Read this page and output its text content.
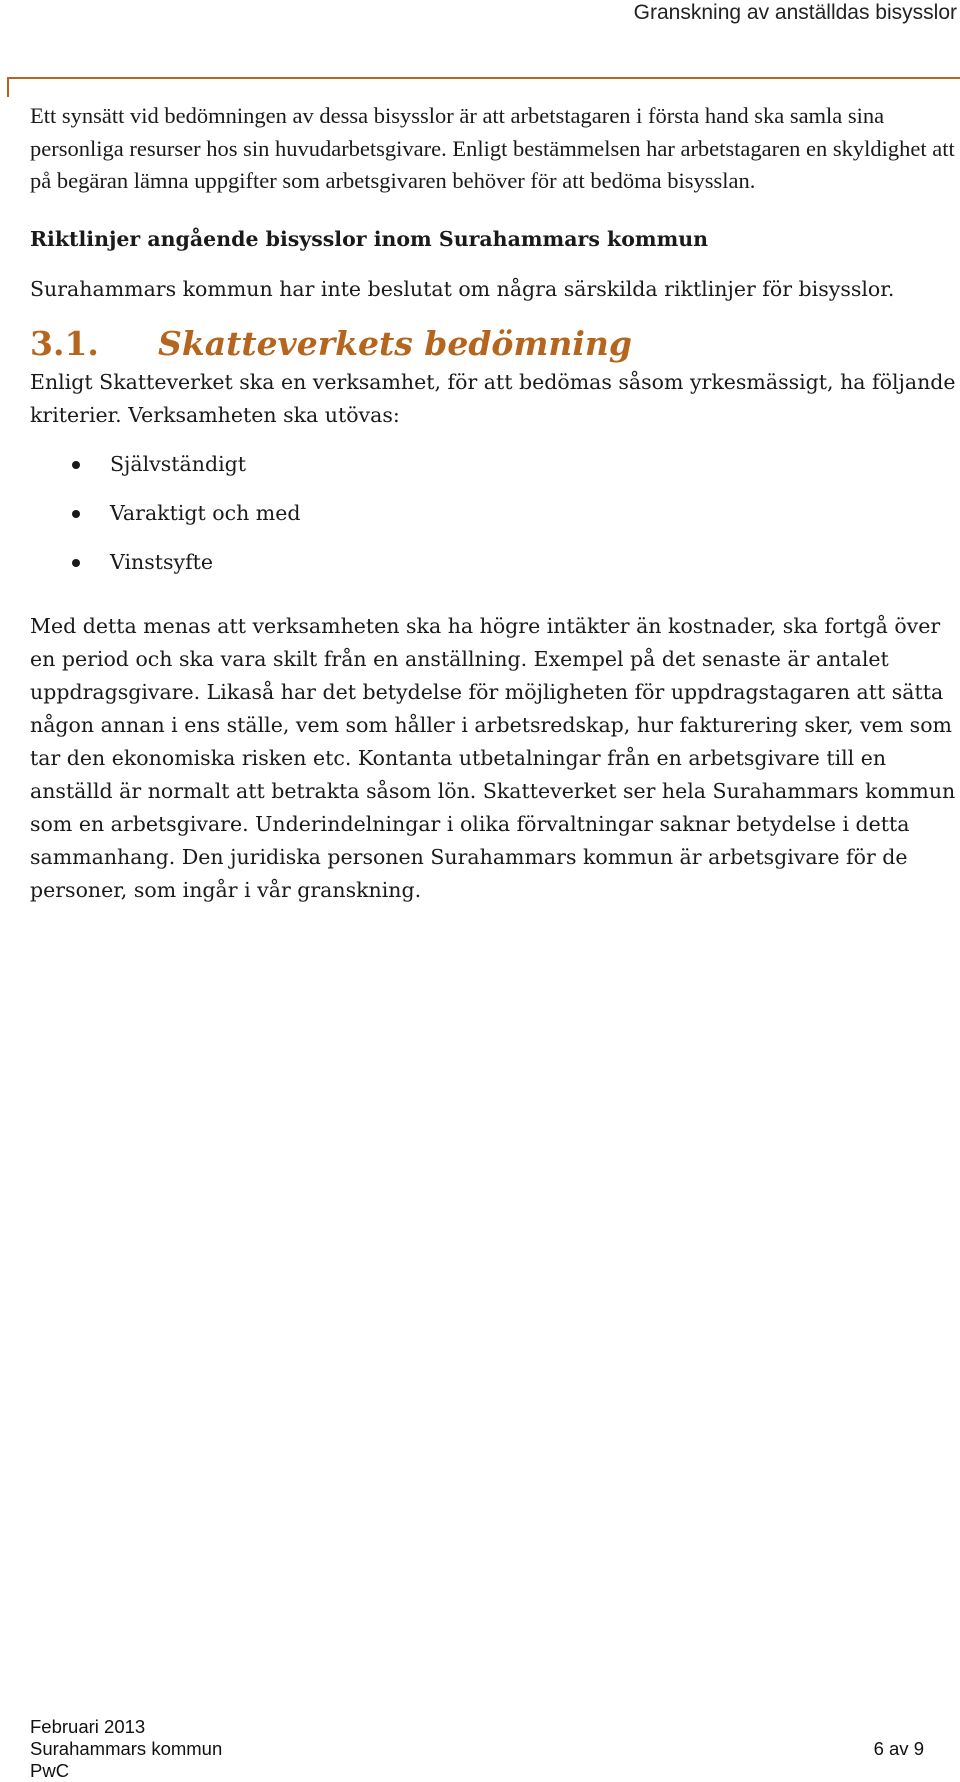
Granskning av anställdas bisysslor

Ett synsätt vid bedömningen av dessa bisysslor är att arbetstagaren i första hand ska samla sina personliga resurser hos sin huvudarbetsgivare. Enligt bestämmelsen har arbetstagaren en skyldighet att på begäran lämna uppgifter som arbetsgivaren behöver för att bedöma bisysslan.

Riktlinjer angående bisysslor inom Surahammars kommun

Surahammars kommun har inte beslutat om några särskilda riktlinjer för bisysslor.

3.1.	Skatteverkets bedömning

Enligt Skatteverket ska en verksamhet, för att bedömas såsom yrkesmässigt, ha följande kriterier. Verksamheten ska utövas:

Självständigt
Varaktigt och med
Vinstsyfte

Med detta menas att verksamheten ska ha högre intäkter än kostnader, ska fortgå över en period och ska vara skilt från en anställning. Exempel på det senaste är antalet uppdragsgivare. Likaså har det betydelse för möjligheten för uppdragstagaren att sätta någon annan i ens ställe, vem som håller i arbetsredskap, hur fakturering sker, vem som tar den ekonomiska risken etc. Kontanta utbetalningar från en arbetsgivare till en anställd är normalt att betrakta såsom lön. Skatteverket ser hela Surahammars kommun som en arbetsgivare. Underindelningar i olika förvaltningar saknar betydelse i detta sammanhang. Den juridiska personen Surahammars kommun är arbetsgivare för de personer, som ingår i vår granskning.

Februari 2013
Surahammars kommun	6 av 9
PwC
